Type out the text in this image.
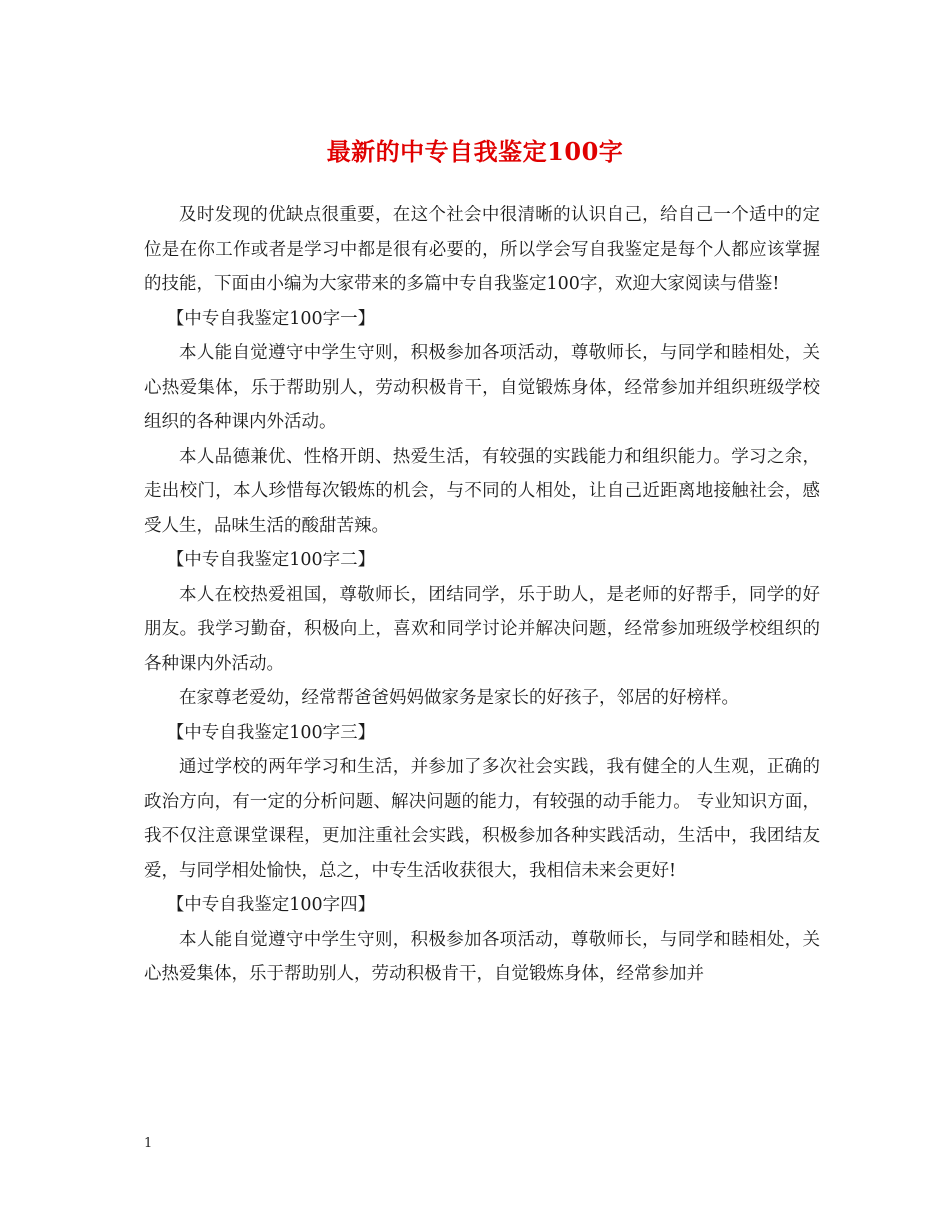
最新的中专自我鉴定100字

及时发现的优缺点很重要，在这个社会中很清晰的认识自己，给自己一个适中的定位是在你工作或者是学习中都是很有必要的，所以学会写自我鉴定是每个人都应该掌握的技能，下面由小编为大家带来的多篇中专自我鉴定100字，欢迎大家阅读与借鉴!

【中专自我鉴定100字一】

本人能自觉遵守中学生守则，积极参加各项活动，尊敬师长，与同学和睦相处，关心热爱集体，乐于帮助别人，劳动积极肯干，自觉锻炼身体，经常参加并组织班级学校组织的各种课内外活动。

本人品德兼优、性格开朗、热爱生活，有较强的实践能力和组织能力。学习之余，走出校门，本人珍惜每次锻炼的机会，与不同的人相处，让自己近距离地接触社会，感受人生，品味生活的酸甜苦辣。

【中专自我鉴定100字二】

本人在校热爱祖国，尊敬师长，团结同学，乐于助人，是老师的好帮手，同学的好朋友。我学习勤奋，积极向上，喜欢和同学讨论并解决问题，经常参加班级学校组织的各种课内外活动。

在家尊老爱幼，经常帮爸爸妈妈做家务是家长的好孩子，邻居的好榜样。

【中专自我鉴定100字三】

通过学校的两年学习和生活，并参加了多次社会实践，我有健全的人生观，正确的政治方向，有一定的分析问题、解决问题的能力，有较强的动手能力。 专业知识方面，我不仅注意课堂课程，更加注重社会实践，积极参加各种实践活动，生活中，我团结友爱，与同学相处愉快，总之，中专生活收获很大，我相信未来会更好!

【中专自我鉴定100字四】

本人能自觉遵守中学生守则，积极参加各项活动，尊敬师长，与同学和睦相处，关心热爱集体，乐于帮助别人，劳动积极肯干，自觉锻炼身体，经常参加并

1
